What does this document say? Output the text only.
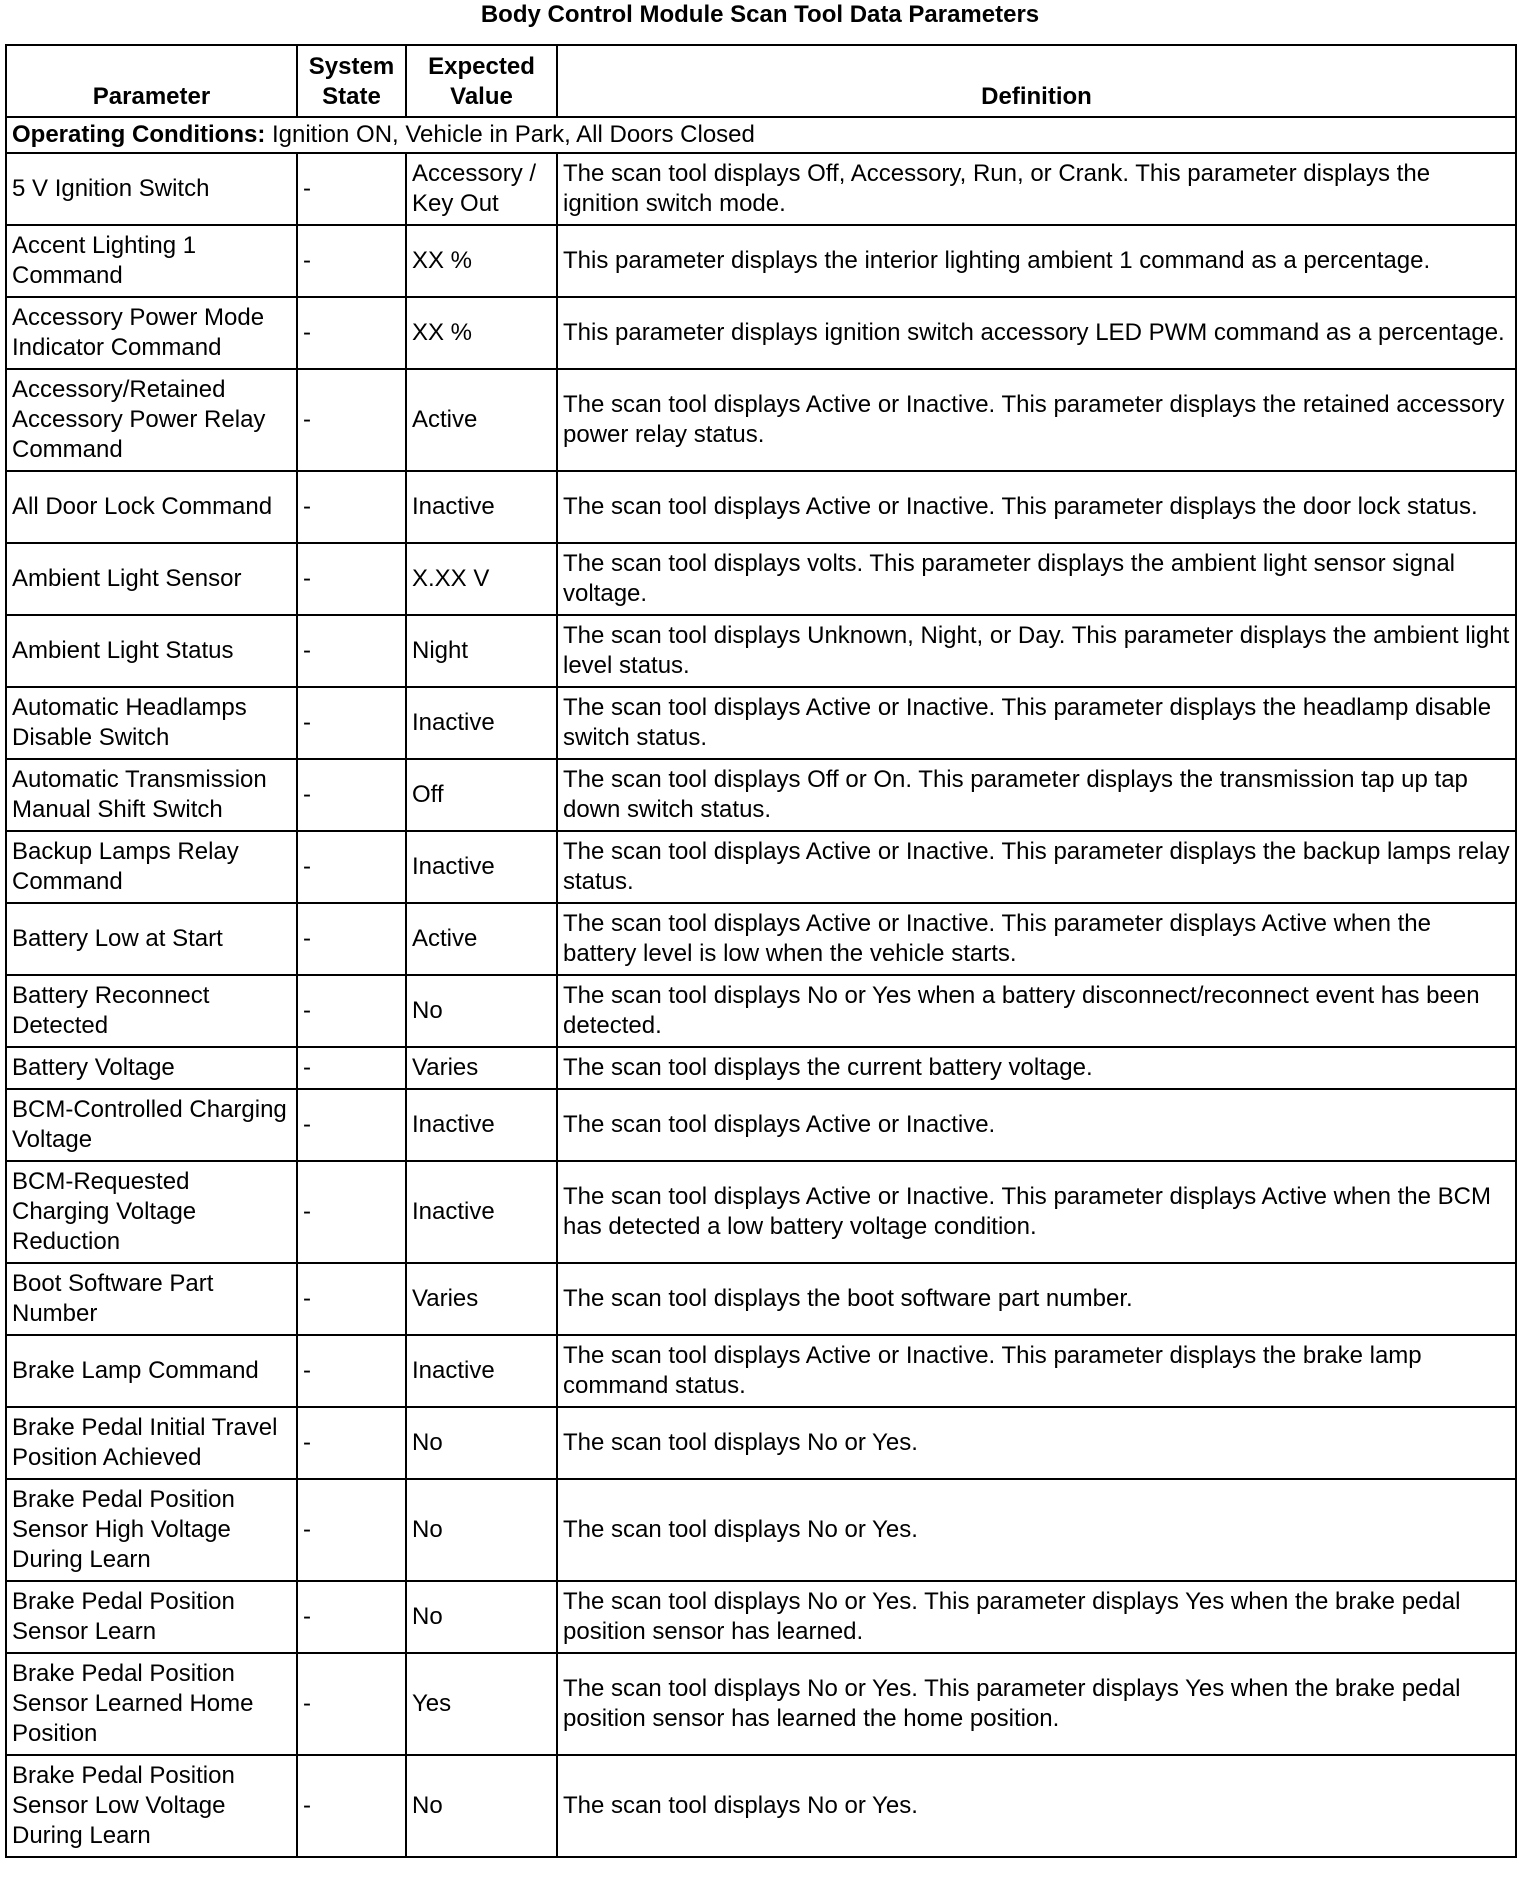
Body Control Module Scan Tool Data Parameters
Parameter	System State	Expected Value	Definition
Operating Conditions: Ignition ON, Vehicle in Park, All Doors Closed			
5 V Ignition Switch	-	Accessory / Key Out	The scan tool displays Off, Accessory, Run, or Crank. This parameter displays the ignition switch mode.
Accent Lighting 1 Command	-	XX %	This parameter displays the interior lighting ambient 1 command as a percentage.
Accessory Power Mode Indicator Command	-	XX %	This parameter displays ignition switch accessory LED PWM command as a percentage.
Accessory/Retained Accessory Power Relay Command	-	Active	The scan tool displays Active or Inactive. This parameter displays the retained accessory power relay status.
All Door Lock Command	-	Inactive	The scan tool displays Active or Inactive. This parameter displays the door lock status.
Ambient Light Sensor	-	X.XX V	The scan tool displays volts. This parameter displays the ambient light sensor signal voltage.
Ambient Light Status	-	Night	The scan tool displays Unknown, Night, or Day. This parameter displays the ambient light level status.
Automatic Headlamps Disable Switch	-	Inactive	The scan tool displays Active or Inactive. This parameter displays the headlamp disable switch status.
Automatic Transmission Manual Shift Switch	-	Off	The scan tool displays Off or On. This parameter displays the transmission tap up tap down switch status.
Backup Lamps Relay Command	-	Inactive	The scan tool displays Active or Inactive. This parameter displays the backup lamps relay status.
Battery Low at Start	-	Active	The scan tool displays Active or Inactive. This parameter displays Active when the battery level is low when the vehicle starts.
Battery Reconnect Detected	-	No	The scan tool displays No or Yes when a battery disconnect/reconnect event has been detected.
Battery Voltage	-	Varies	The scan tool displays the current battery voltage.
BCM-Controlled Charging Voltage	-	Inactive	The scan tool displays Active or Inactive.
BCM-Requested Charging Voltage Reduction	-	Inactive	The scan tool displays Active or Inactive. This parameter displays Active when the BCM has detected a low battery voltage condition.
Boot Software Part Number	-	Varies	The scan tool displays the boot software part number.
Brake Lamp Command	-	Inactive	The scan tool displays Active or Inactive. This parameter displays the brake lamp command status.
Brake Pedal Initial Travel Position Achieved	-	No	The scan tool displays No or Yes.
Brake Pedal Position Sensor High Voltage During Learn	-	No	The scan tool displays No or Yes.
Brake Pedal Position Sensor Learn	-	No	The scan tool displays No or Yes. This parameter displays Yes when the brake pedal position sensor has learned.
Brake Pedal Position Sensor Learned Home Position	-	Yes	The scan tool displays No or Yes. This parameter displays Yes when the brake pedal position sensor has learned the home position.
Brake Pedal Position Sensor Low Voltage During Learn	-	No	The scan tool displays No or Yes.
